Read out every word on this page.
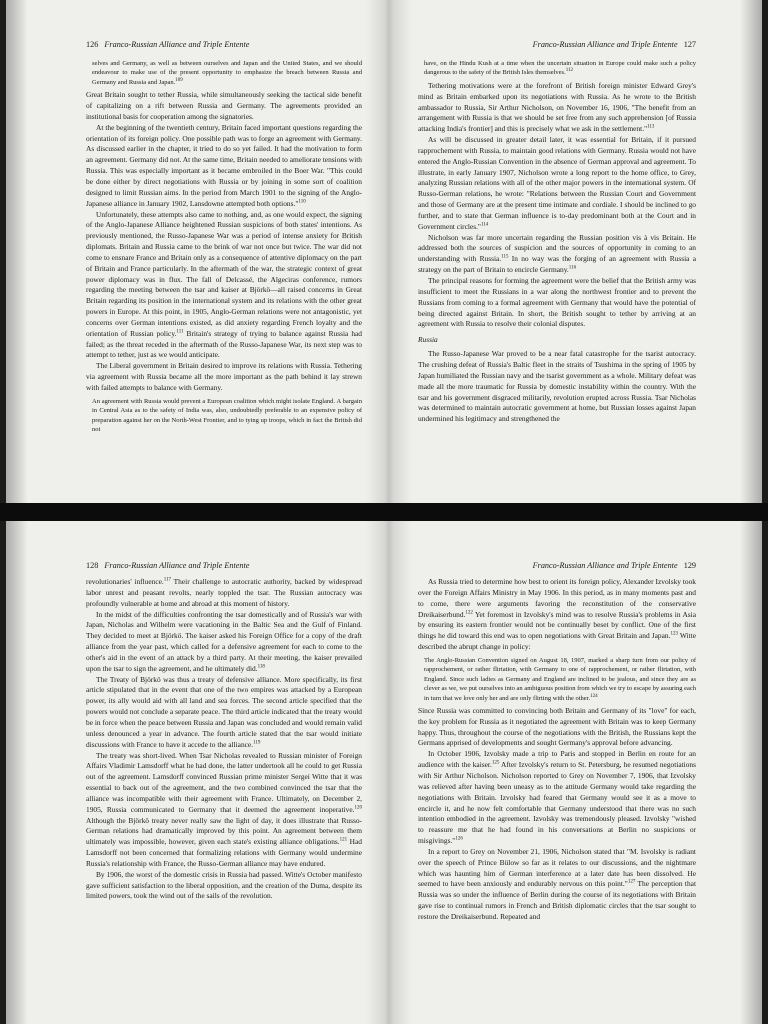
126 Franco-Russian Alliance and Triple Entente	Franco-Russian Alliance and Triple Entente 127

selves and Germany, as well as between ourselves and Japan and the United States, and we should endeavour to make use of the present opportunity to emphasize the breach between Russia and Germany and Russia and Japan.$^{109}$

Great Britain sought to tether Russia, while simultaneously seeking the tactical side benefit of capitalizing on a rift between Russia and Germany. The agreements provided an institutional basis for cooperation among the signatories.

At the beginning of the twentieth century, Britain faced important questions regarding the orientation of its foreign policy. One possible path was to forge an agreement with Germany. As discussed earlier in the chapter, it tried to do so yet failed. It had the motivation to form an agreement. Germany did not. At the same time, Britain needed to ameliorate tensions with Russia. This was especially important as it became embroiled in the Boer War. "This could be done either by direct negotiations with Russia or by joining in some sort of coalition designed to limit Russian aims. In the period from March 1901 to the signing of the Anglo-Japanese alliance in January 1902, Lansdowne attempted both options."$^{110}$

Unfortunately, these attempts also came to nothing, and, as one would expect, the signing of the Anglo-Japanese Alliance heightened Russian suspicions of both states' intentions. As previously mentioned, the Russo-Japanese War was a period of intense anxiety for British diplomats. Britain and Russia came to the brink of war not once but twice. The war did not come to ensnare France and Britain only as a consequence of attentive diplomacy on the part of Britain and France particularly. In the aftermath of the war, the strategic context of great power diplomacy was in flux. The fall of Delcassé, the Algeciras conference, rumors regarding the meeting between the tsar and kaiser at Björkö—all raised concerns in Great Britain regarding its position in the international system and its relations with the other great powers in Europe. At this point, in 1905, Anglo-German relations were not antagonistic, yet concerns over German intentions existed, as did anxiety regarding French loyalty and the orientation of Russian policy.$^{111}$ Britain's strategy of trying to balance against Russia had failed; as the threat receded in the aftermath of the Russo-Japanese War, its next step was to attempt to tether, just as we would anticipate.

The Liberal government in Britain desired to improve its relations with Russia. Tethering via agreement with Russia became all the more important as the path behind it lay strewn with failed attempts to balance with Germany.

An agreement with Russia would prevent a European coalition which might isolate England. A bargain in Central Asia as to the safety of India was, also, undoubtedly preferable to an expensive policy of preparation against her on the North-West Frontier, and to tying up troops, which in fact the British did not

have, on the Hindu Kush at a time when the uncertain situation in Europe could make such a policy dangerous to the safety of the British Isles themselves.$^{112}$

Tethering motivations were at the forefront of British foreign minister Edward Grey's mind as Britain embarked upon its negotiations with Russia. As he wrote to the British ambassador to Russia, Sir Arthur Nicholson, on November 16, 1906, "The benefit from an arrangement with Russia is that we should be set free from any such apprehension [of Russia attacking India's frontier] and this is precisely what we ask in the settlement."$^{113}$

As will be discussed in greater detail later, it was essential for Britain, if it pursued rapprochement with Russia, to maintain good relations with Germany. Russia would not have entered the Anglo-Russian Convention in the absence of German approval and agreement. To illustrate, in early January 1907, Nicholson wrote a long report to the home office, to Grey, analyzing Russian relations with all of the other major powers in the international system. Of Russo-German relations, he wrote: "Relations between the Russian Court and Government and those of Germany are at the present time intimate and cordiale. I should be inclined to go further, and to state that German influence is to-day predominant both at the Court and in Government circles."$^{114}$

Nicholson was far more uncertain regarding the Russian position vis à vis Britain. He addressed both the sources of suspicion and the sources of opportunity in coming to an understanding with Russia.$^{115}$ In no way was the forging of an agreement with Russia a strategy on the part of Britain to encircle Germany.$^{116}$

The principal reasons for forming the agreement were the belief that the British army was insufficient to meet the Russians in a war along the northwest frontier and to prevent the Russians from coming to a formal agreement with Germany that would have the potential of being directed against Britain. In short, the British sought to tether by arriving at an agreement with Russia to resolve their colonial disputes.

Russia

The Russo-Japanese War proved to be a near fatal catastrophe for the tsarist autocracy. The crushing defeat of Russia's Baltic fleet in the straits of Tsushima in the spring of 1905 by Japan humiliated the Russian navy and the tsarist government as a whole. Military defeat was made all the more traumatic for Russia by domestic instability within the country. With the tsar and his government disgraced militarily, revolution erupted across Russia. Tsar Nicholas was determined to maintain autocratic government at home, but Russian losses against Japan undermined his legitimacy and strengthened the

128 Franco-Russian Alliance and Triple Entente	Franco-Russian Alliance and Triple Entente 129

revolutionaries' influence.$^{117}$ Their challenge to autocratic authority, backed by widespread labor unrest and peasant revolts, nearly toppled the tsar. The Russian autocracy was profoundly vulnerable at home and abroad at this moment of history.

In the midst of the difficulties confronting the tsar domestically and of Russia's war with Japan, Nicholas and Wilhelm were vacationing in the Baltic Sea and the Gulf of Finland. They decided to meet at Björkö. The kaiser asked his Foreign Office for a copy of the draft alliance from the year past, which called for a defensive agreement for each to come to the other's aid in the event of an attack by a third party. At their meeting, the kaiser prevailed upon the tsar to sign the agreement, and he ultimately did.$^{118}$

The Treaty of Björkö was thus a treaty of defensive alliance. More specifically, its first article stipulated that in the event that one of the two empires was attacked by a European power, its ally would aid with all land and sea forces. The second article specified that the powers would not conclude a separate peace. The third article indicated that the treaty would be in force when the peace between Russia and Japan was concluded and would remain valid unless denounced a year in advance. The fourth article stated that the tsar would initiate discussions with France to have it accede to the alliance.$^{119}$

The treaty was short-lived. When Tsar Nicholas revealed to Russian minister of Foreign Affairs Vladimir Lamsdorff what he had done, the latter undertook all he could to get Russia out of the agreement. Lamsdorff convinced Russian prime minister Sergei Witte that it was essential to back out of the agreement, and the two combined convinced the tsar that the alliance was incompatible with their agreement with France. Ultimately, on December 2, 1905, Russia communicated to Germany that it deemed the agreement inoperative.$^{120}$ Although the Björkö treaty never really saw the light of day, it does illustrate that Russo-German relations had dramatically improved by this point. An agreement between them ultimately was impossible, however, given each state's existing alliance obligations.$^{121}$ Had Lamsdorff not been concerned that formalizing relations with Germany would undermine Russia's relationship with France, the Russo-German alliance may have endured.

By 1906, the worst of the domestic crisis in Russia had passed. Witte's October manifesto gave sufficient satisfaction to the liberal opposition, and the creation of the Duma, despite its limited powers, took the wind out of the sails of the revolution.

As Russia tried to determine how best to orient its foreign policy, Alexander Izvolsky took over the Foreign Affairs Ministry in May 1906. In this period, as in many moments past and to come, there were arguments favoring the reconstitution of the conservative Dreikaiserbund.$^{122}$ Yet foremost in Izvolsky's mind was to resolve Russia's problems in Asia by ensuring its eastern frontier would not be continually beset by conflict. One of the first things he did toward this end was to open negotiations with Great Britain and Japan.$^{123}$ Witte described the abrupt change in policy:

The Anglo-Russian Convention signed on August 18, 1907, marked a sharp turn from our policy of rapprochement, or rather flirtation, with Germany to one of rapprochement, or rather flirtation, with England. Since such ladies as Germany and England are inclined to be jealous, and since they are as clever as we, we put ourselves into an ambiguous position from which we try to escape by assuring each in turn that we love only her and are only flirting with the other.$^{124}$

Since Russia was committed to convincing both Britain and Germany of its "love" for each, the key problem for Russia as it negotiated the agreement with Britain was to keep Germany happy. Thus, throughout the course of the negotiations with the British, the Russians kept the Germans apprised of developments and sought Germany's approval before advancing.

In October 1906, Izvolsky made a trip to Paris and stopped in Berlin en route for an audience with the kaiser.$^{125}$ After Izvolsky's return to St. Petersburg, he resumed negotiations with Sir Arthur Nicholson. Nicholson reported to Grey on November 7, 1906, that Izvolsky was relieved after having been uneasy as to the attitude Germany would take regarding the negotiations with Britain. Izvolsky had feared that Germany would see it as a move to encircle it, and he now felt comfortable that Germany understood that there was no such intention embodied in the agreement. Izvolsky was tremendously pleased. Izvolsky "wished to reassure me that he had found in his conversations at Berlin no suspicions or misgivings."$^{126}$

In a report to Grey on November 21, 1906, Nicholson stated that "M. Isvolsky is radiant over the speech of Prince Bülow so far as it relates to our discussions, and the nightmare which was haunting him of German interference at a later date has been dissolved. He seemed to have been anxiously and endurably nervous on this point."$^{127}$ The perception that Russia was so under the influence of Berlin during the course of its negotiations with Britain gave rise to continual rumors in French and British diplomatic circles that the tsar sought to restore the Dreikaiserbund. Repeated and
